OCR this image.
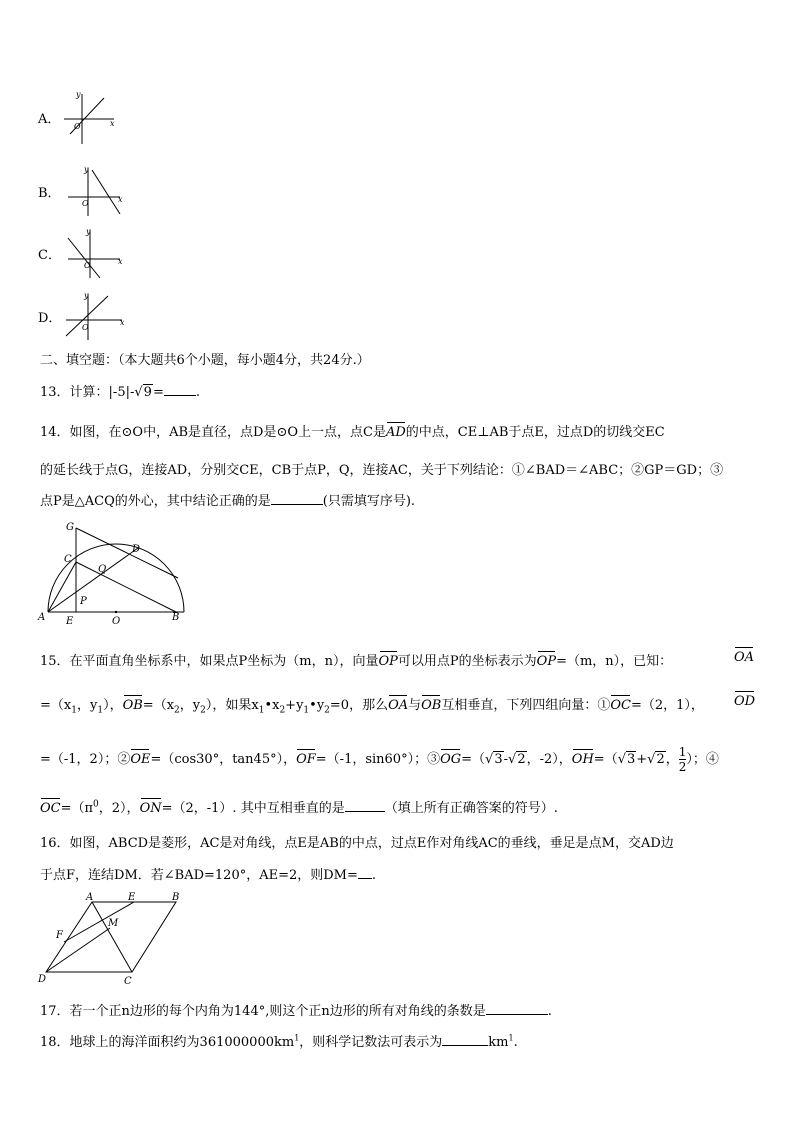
A．
y
O	x
B．
y
O	x
C．
y
O	x
D．
y
O
x
二、填空题：（本大题共6个小题，每小题4分，共24分.）
13．计算：|-5|-√9= .
14．如图，在⊙O中，AB是直径，点D是⊙O上一点，点C是AD的中点，CE⊥AB于点E，过点D的切线交EC
的延长线于点G，连接AD，分别交CE，CB于点P，Q，连接AC，关于下列结论：①∠BAD＝∠ABC；②GP＝GD；③
点P是△ACQ的外心，其中结论正确的是	(只需填写序号).
G
C
D
Q
P
A E	O	B
15．在平面直角坐标系中，如果点P坐标为（m，n），向量OP可以用点P的坐标表示为OP=（m，n），已知：	OA
$=(x_1$，$y_1$），$OB=(x_2$，$y_2$），如果$x_1•x_2+y_1•y_2=0$，那么OA与OB互相垂直，下列四组向量：①OC=（2，1）， OD
=（-1，2）；②OE=（cos30°，tan45°），OF=（-1，sin60°）；③OG=（√3-√2，-2），OH=（√3+√2， $\frac{1}{2}$ ）；④
$OC=(\pi^0$，2），ON=（2，-1）. 其中互相垂直的是	（填上所有正确答案的符号）.
16．如图，ABCD是菱形，AC是对角线，点E是AB的中点，过点E作对角线AC的垂线，垂足是点M，交AD边
于点F，连结DM．若∠BAD=120°，AE=2，则DM= .
A	E	B
F
M
D	C
17．若一个正n边形的每个内角为144°,则这个正n边形的所有对角线的条数是	.
18．地球上的海洋面积约为$361000000km^1$，则科学记数法可表示为	$km^1$.
